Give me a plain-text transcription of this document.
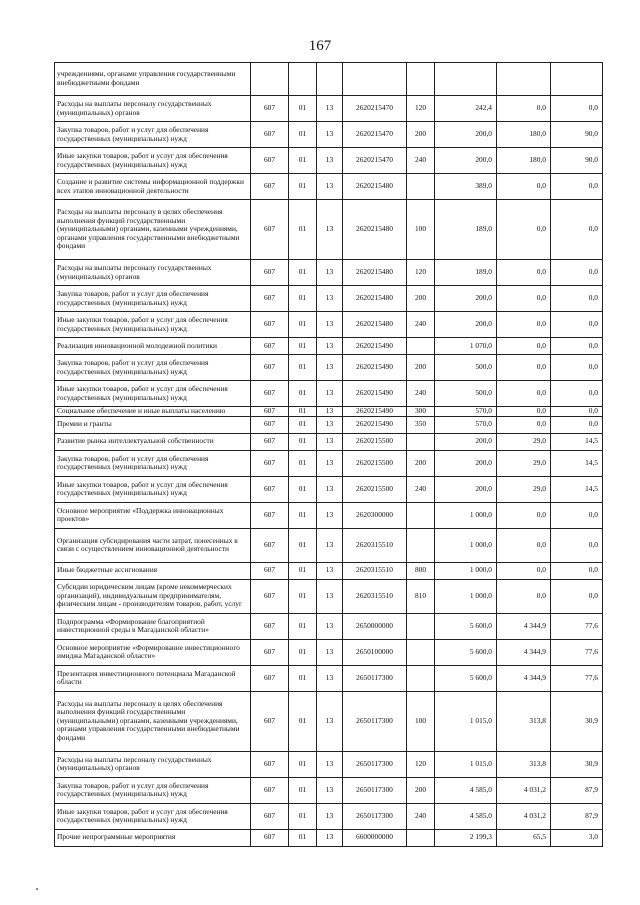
167
учреждениями, органами управления государственными внебюджетными фондами								
Расходы на выплаты персоналу государственных (муниципальных) органов	607	01	13	2620215470	120	242,4	0,0	0,0
Закупка товаров, работ и услуг для обеспечения государственных (муниципальных) нужд	607	01	13	2620215470	200	200,0	180,0	90,0
Иные закупки товаров, работ и услуг для обеспечения государственных (муниципальных) нужд	607	01	13	2620215470	240	200,0	180,0	90,0
Создание и развитие системы информационной поддержки всех этапов инновационной деятельности	607	01	13	2620215480		389,0	0,0	0,0
Расходы на выплаты персоналу в целях обеспечения выполнения функций государственными (муниципальными) органами, казенными учреждениями, органами управления государственными внебюджетными фондами	607	01	13	2620215480	100	189,0	0,0	0,0
Расходы на выплаты персоналу государственных (муниципальных) органов	607	01	13	2620215480	120	189,0	0,0	0,0
Закупка товаров, работ и услуг для обеспечения государственных (муниципальных) нужд	607	01	13	2620215480	200	200,0	0,0	0,0
Иные закупки товаров, работ и услуг для обеспечения государственных (муниципальных) нужд	607	01	13	2620215480	240	200,0	0,0	0,0
Реализация инновационной молодежной политики	607	01	13	2620215490		1 070,0	0,0	0,0
Закупка товаров, работ и услуг для обеспечения государственных (муниципальных) нужд	607	01	13	2620215490	200	500,0	0,0	0,0
Иные закупки товаров, работ и услуг для обеспечения государственных (муниципальных) нужд	607	01	13	2620215490	240	500,0	0,0	0,0
Социальное обеспечение и иные выплаты населению	607	01	13	2620215490	300	570,0	0,0	0,0
Премии и гранты	607	01	13	2620215490	350	570,0	0,0	0,0
Развитие рынка интеллектуальной собственности	607	01	13	2620215500		200,0	29,0	14,5
Закупка товаров, работ и услуг для обеспечения государственных (муниципальных) нужд	607	01	13	2620215500	200	200,0	29,0	14,5
Иные закупки товаров, работ и услуг для обеспечения государственных (муниципальных) нужд	607	01	13	2620215500	240	200,0	29,0	14,5
Основное мероприятие «Поддержка инновационных проектов»	607	01	13	2620300000		1 000,0	0,0	0,0
Организация субсидирования части затрат, понесенных в связи с осуществлением инновационной деятельности	607	01	13	2620315510		1 000,0	0,0	0,0
Иные бюджетные ассигнования	607	01	13	2620315510	800	1 000,0	0,0	0,0
Субсидии юридическим лицам (кроме некоммерческих организаций), индивидуальным предпринимателям, физическим лицам - производителям товаров, работ, услуг	607	01	13	2620315510	810	1 000,0	0,0	0,0
Подпрограмма «Формирование благоприятной инвестиционной среды в Магаданской области»	607	01	13	2650000000		5 600,0	4 344,9	77,6
Основное мероприятие «Формирование инвестиционного имиджа Магаданской области»	607	01	13	2650100000		5 600,0	4 344,9	77,6
Презентация инвестиционного потенциала Магаданской области	607	01	13	2650117300		5 600,0	4 344,9	77,6
Расходы на выплаты персоналу в целях обеспечения выполнения функций государственными (муниципальными) органами, казенными учреждениями, органами управления государственными внебюджетными фондами	607	01	13	2650117300	100	1 015,0	313,8	30,9
Расходы на выплаты персоналу государственных (муниципальных) органов	607	01	13	2650117300	120	1 015,0	313,8	30,9
Закупка товаров, работ и услуг для обеспечения государственных (муниципальных) нужд	607	01	13	2650117300	200	4 585,0	4 031,2	87,9
Иные закупки товаров, работ и услуг для обеспечения государственных (муниципальных) нужд	607	01	13	2650117300	240	4 585,0	4 031,2	87,9
Прочие непрограммные мероприятия	607	01	13	6600000000		2 199,3	65,5	3,0
